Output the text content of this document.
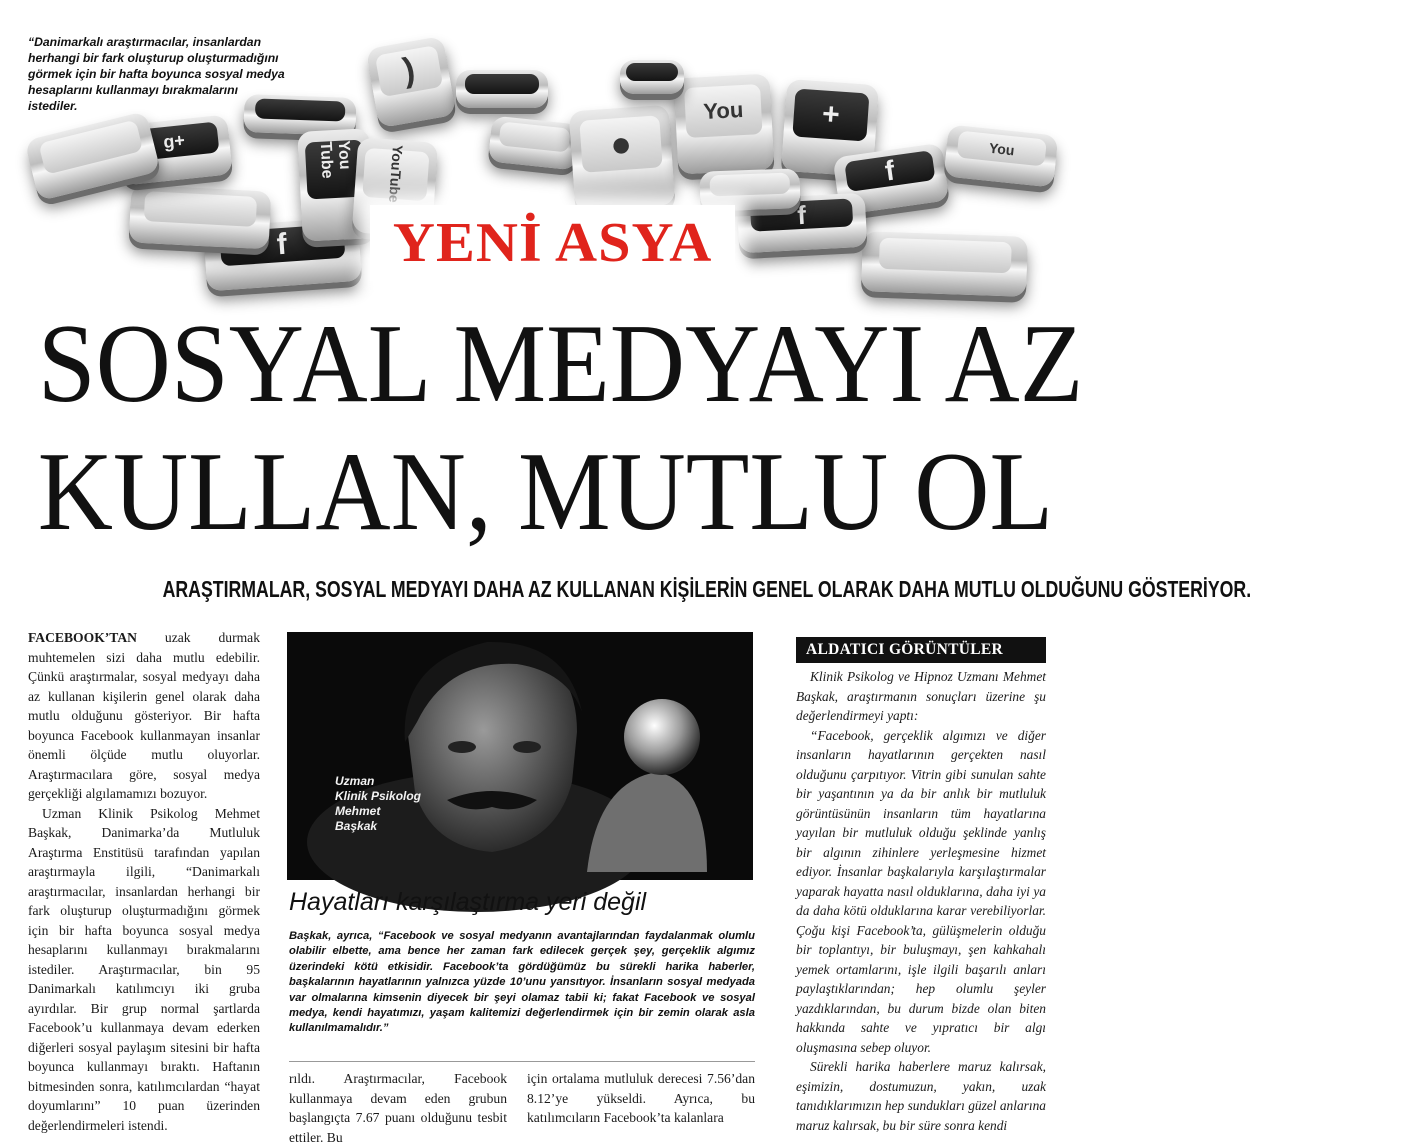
“Danimarkalı araştırmacılar, insanlardan herhangi bir fark oluşturup oluşturmadığını görmek için bir hafta boyunca sosyal medya hesaplarını kullanmayı bırakmalarını istediler.
f
g+
)
You Tube	YouTube
●
You	+
f
You
f
YENİ ASYA
SOSYAL MEDYAYI AZ
KULLAN, MUTLU OL
ARAŞTIRMALAR, SOSYAL MEDYAYI DAHA AZ KULLANAN KİŞİLERİN GENEL OLARAK DAHA MUTLU OLDUĞUNU GÖSTERİYOR.

FACEBOOK’TAN uzak durmak muhtemelen sizi daha mutlu edebilir. Çünkü araştırmalar, sosyal medyayı daha az kullanan kişilerin genel olarak daha mutlu olduğunu gösteriyor. Bir hafta boyunca Facebook kullanmayan insanlar önemli ölçüde mutlu oluyorlar. Araştırmacılara göre, sosyal medya gerçekliği algılamamızı bozuyor.

Uzman Klinik Psikolog Mehmet Başkak, Danimarka’da Mutluluk Araştırma Enstitüsü tarafından yapılan araştırmayla ilgili, “Danimarkalı araştırmacılar, insanlardan herhangi bir fark oluşturup oluşturmadığını görmek için bir hafta boyunca sosyal medya hesaplarını kullanmayı bırakmalarını istediler. Araştırmacılar, bin 95 Danimarkalı katılımcıyı iki gruba ayırdılar. Bir grup normal şartlarda Facebook’u kullanmaya devam ederken diğerleri sosyal paylaşım sitesini bir hafta boyunca kullanmayı bıraktı. Haftanın bitmesinden sonra, katılımcılardan “hayat doyumlarını” 10 puan üzerinden değerlendirmeleri istendi.

Uzman
Klinik Psikolog
Mehmet
Başkak
Hayatları karşılaştırma yeri değil
Başkak, ayrıca, “Facebook ve sosyal medyanın avantajlarından faydalanmak olumlu olabilir elbette, ama bence her zaman fark edilecek gerçek şey, gerçeklik algımız üzerindeki kötü etkisidir. Facebook’ta gördüğümüz bu sürekli harika haberler, başkalarının hayatlarının yalnızca yüzde 10’unu yansıtıyor. İnsanların sosyal medyada var olmalarına kimsenin diyecek bir şeyi olamaz tabii ki; fakat Facebook ve sosyal medya, kendi hayatımızı, yaşam kalitemizi değerlendirmek için bir zemin olarak asla kullanılmamalıdır.”
rıldı. Araştırmacılar, Facebook kullanmaya devam eden grubun başlangıçta 7.67 puanı olduğunu tesbit ettiler. Bu
için ortalama mutluluk derecesi 7.56’dan 8.12’ye yükseldi. Ayrıca, bu katılımcıların Facebook’ta kalanlara
ALDATICI GÖRÜNTÜLER

Klinik Psikolog ve Hipnoz Uzmanı Mehmet Başkak, araştırmanın sonuçları üzerine şu değerlendirmeyi yaptı:

“Facebook, gerçeklik algımızı ve diğer insanların hayatlarının gerçekten nasıl olduğunu çarpıtıyor. Vitrin gibi sunulan sahte bir yaşantının ya da bir anlık bir mutluluk görüntüsünün insanların tüm hayatlarına yayılan bir mutluluk olduğu şeklinde yanlış bir algının zihinlere yerleşmesine hizmet ediyor. İnsanlar başkalarıyla karşılaştırmalar yaparak hayatta nasıl olduklarına, daha iyi ya da daha kötü olduklarına karar verebiliyorlar. Çoğu kişi Facebook’ta, gülüşmelerin olduğu bir toplantıyı, bir buluşmayı, şen kahkahalı yemek ortamlarını, işle ilgili başarılı anları paylaştıklarından; hep olumlu şeyler yazdıklarından, bu durum bizde olan biten hakkında sahte ve yıpratıcı bir algı oluşmasına sebep oluyor.

Sürekli harika haberlere maruz kalırsak, eşimizin, dostumuzun, yakın, uzak tanıdıklarımızın hep sundukları güzel anlarına maruz kalırsak, bu bir süre sonra kendi
